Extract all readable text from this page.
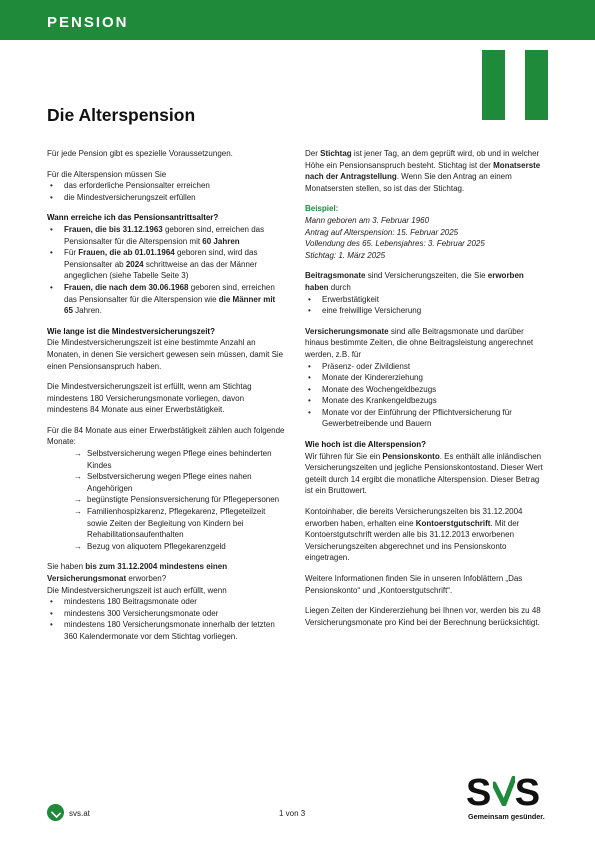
PENSION
Die Alterspension

Für jede Pension gibt es spezielle Voraussetzungen.

Für die Alterspension müssen Sie
• das erforderliche Pensionsalter erreichen
• die Mindestversicherungszeit erfüllen
Wann erreiche ich das Pensionsantrittsalter?
• Frauen, die bis 31.12.1963 geboren sind, erreichen das Pensionsalter für die Alterspension mit 60 Jahren
• Für Frauen, die ab 01.01.1964 geboren sind, wird das Pensionsalter ab 2024 schrittweise an das der Männer angeglichen (siehe Tabelle Seite 3)
• Frauen, die nach dem 30.06.1968 geboren sind, erreichen das Pensionsalter für die Alterspension wie die Männer mit 65 Jahren.
Wie lange ist die Mindestversicherungszeit?

Die Mindestversicherungszeit ist eine bestimmte Anzahl an Monaten, in denen Sie versichert gewesen sein müssen, damit Sie einen Pensionsanspruch haben.

Die Mindestversicherungszeit ist erfüllt, wenn am Stichtag mindestens 180 Versicherungsmonate vorliegen, davon mindestens 84 Monate aus einer Erwerbstätigkeit.

Für die 84 Monate aus einer Erwerbstätigkeit zählen auch folgende Monate:
→ Selbstversicherung wegen Pflege eines behinderten Kindes
→ Selbstversicherung wegen Pflege eines nahen Angehörigen
→ begünstigte Pensionsversicherung für Pflegepersonen
→ Familienhospizkarenz, Pflegekarenz, Pflegeteilzeit sowie Zeiten der Begleitung von Kindern bei Rehabilitationsaufenthalten
→ Bezug von aliquotem Pflegekarenzgeld
Sie haben bis zum 31.12.2004 mindestens einen Versicherungsmonat erworben?
Die Mindestversicherungszeit ist auch erfüllt, wenn
• mindestens 180 Beitragsmonate oder
• mindestens 300 Versicherungsmonate oder
• mindestens 180 Versicherungsmonate innerhalb der letzten 360 Kalendermonate vor dem Stichtag vorliegen.

Der Stichtag ist jener Tag, an dem geprüft wird, ob und in welcher Höhe ein Pensionsanspruch besteht. Stichtag ist der Monatserste nach der Antragstellung. Wenn Sie den Antrag an einem Monatsersten stellen, so ist das der Stichtag.

Beispiel:
Mann geboren am 3. Februar 1960
Antrag auf Alterspension: 15. Februar 2025
Vollendung des 65. Lebensjahres: 3. Februar 2025
Stichtag: 1. März 2025
Beitragsmonate sind Versicherungszeiten, die Sie erworben haben durch
• Erwerbstätigkeit
• eine freiwillige Versicherung
Versicherungsmonate sind alle Beitragsmonate und darüber hinaus bestimmte Zeiten, die ohne Beitragsleistung angerechnet werden, z.B. für
• Präsenz- oder Zivildienst
• Monate der Kindererziehung
• Monate des Wochengeldbezugs
• Monate des Krankengeldbezugs
• Monate vor der Einführung der Pflichtversicherung für Gewerbetreibende und Bauern
Wie hoch ist die Alterspension?

Wir führen für Sie ein Pensionskonto. Es enthält alle inländischen Versicherungszeiten und jegliche Pensionskontostand. Dieser Wert geteilt durch 14 ergibt die monatliche Alterspension. Dieser Betrag ist ein Bruttowert.

Kontoinhaber, die bereits Versicherungszeiten bis 31.12.2004 erworben haben, erhalten eine Kontoerstgutschrift. Mit der Kontoerstgutschrift werden alle bis 31.12.2013 erworbenen Versicherungszeiten abgerechnet und ins Pensionskonto eingetragen.

Weitere Informationen finden Sie in unseren Infoblättern „Das Pensionskonto“ und „Kontoerstgutschrift“.

Liegen Zeiten der Kindererziehung bei Ihnen vor, werden bis zu 48 Versicherungsmonate pro Kind bei der Berechnung berücksichtigt.

svs.at	1 von 3	S S
Gemeinsam gesünder.
